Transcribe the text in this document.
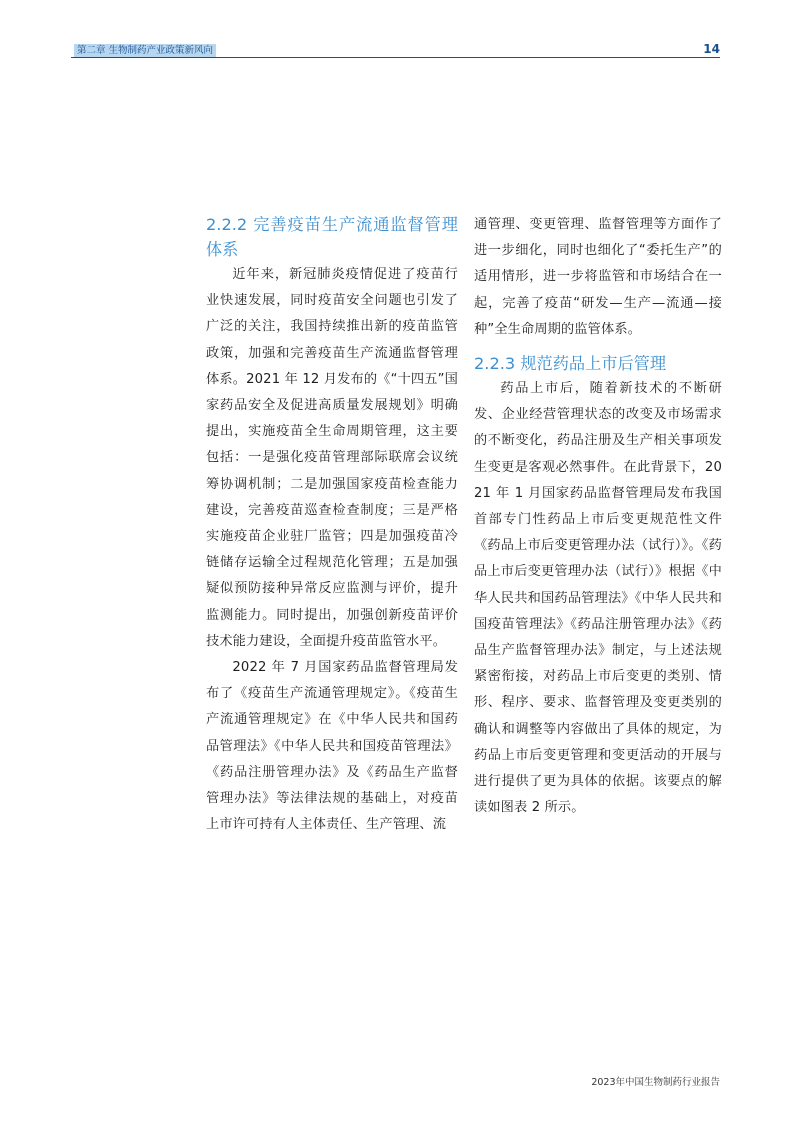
第二章 生物制药产业政策新风向	14
2.2.2 完善疫苗生产流通监督管理体系

近年来，新冠肺炎疫情促进了疫苗行业快速发展，同时疫苗安全问题也引发了广泛的关注，我国持续推出新的疫苗监管政策，加强和完善疫苗生产流通监督管理体系。2021 年 12 月发布的《“十四五”国家药品安全及促进高质量发展规划》明确提出，实施疫苗全生命周期管理，这主要包括：一是强化疫苗管理部际联席会议统筹协调机制；二是加强国家疫苗检查能力建设，完善疫苗巡查检查制度；三是严格实施疫苗企业驻厂监管；四是加强疫苗冷链储存运输全过程规范化管理；五是加强疑似预防接种异常反应监测与评价，提升监测能力。同时提出，加强创新疫苗评价技术能力建设，全面提升疫苗监管水平。

2022 年 7 月国家药品监督管理局发布了《疫苗生产流通管理规定》。《疫苗生产流通管理规定》在《中华人民共和国药品管理法》《中华人民共和国疫苗管理法》《药品注册管理办法》及《药品生产监督管理办法》等法律法规的基础上，对疫苗上市许可持有人主体责任、生产管理、流

通管理、变更管理、监督管理等方面作了进一步细化，同时也细化了“委托生产”的适用情形，进一步将监管和市场结合在一起，完善了疫苗“研发—生产—流通—接种”全生命周期的监管体系。

2.2.3 规范药品上市后管理

药品上市后，随着新技术的不断研发、企业经营管理状态的改变及市场需求的不断变化，药品注册及生产相关事项发生变更是客观必然事件。在此背景下，2021 年 1 月国家药品监督管理局发布我国首部专门性药品上市后变更规范性文件《药品上市后变更管理办法（试行）》。《药品上市后变更管理办法（试行）》根据《中华人民共和国药品管理法》《中华人民共和国疫苗管理法》《药品注册管理办法》《药品生产监督管理办法》制定，与上述法规紧密衔接，对药品上市后变更的类别、情形、程序、要求、监督管理及变更类别的确认和调整等内容做出了具体的规定，为药品上市后变更管理和变更活动的开展与进行提供了更为具体的依据。该要点的解读如图表 2 所示。

2023年中国生物制药行业报告
